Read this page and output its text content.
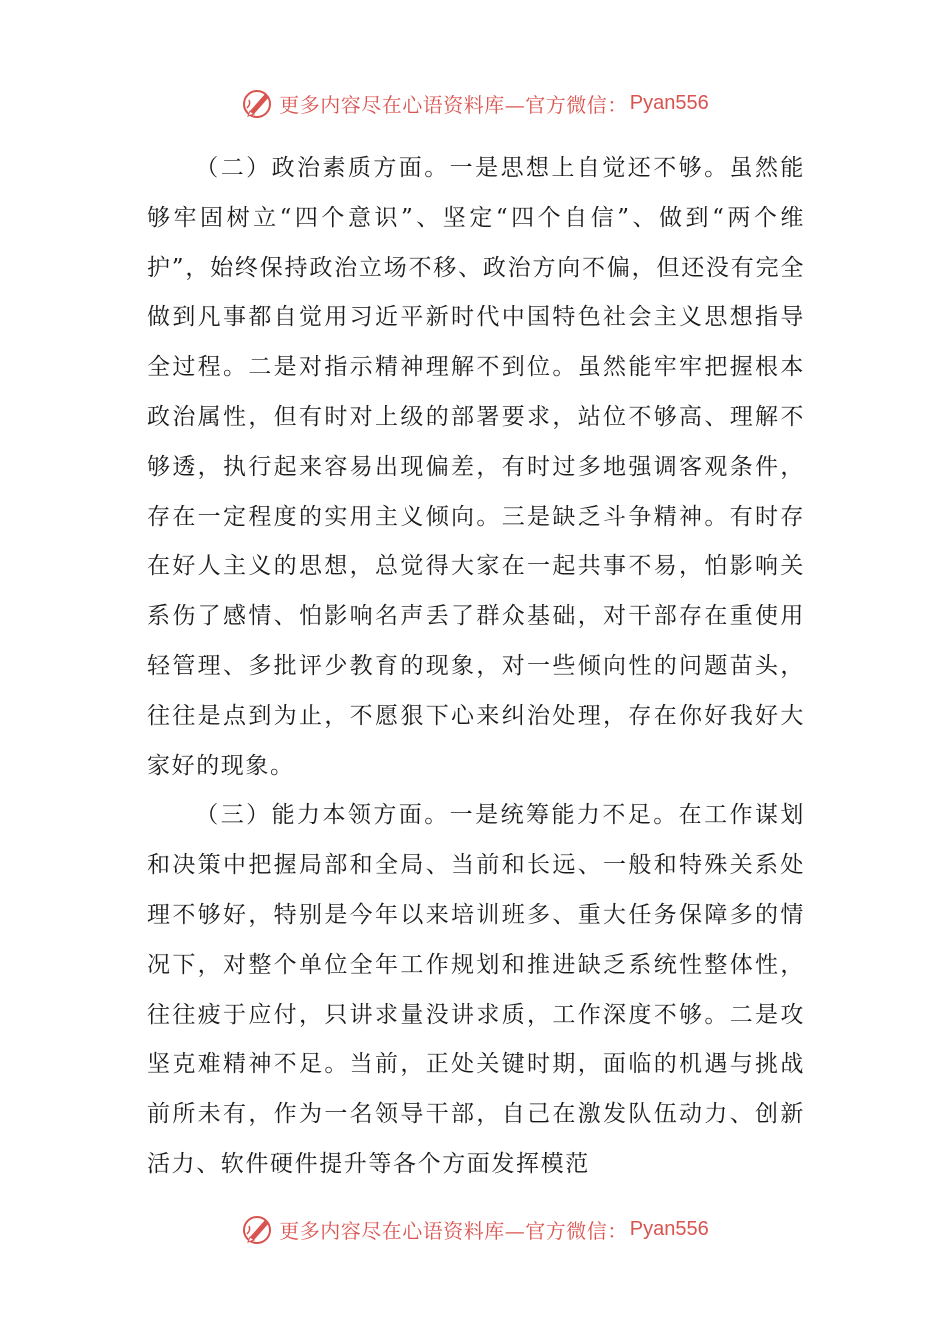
更多内容尽在心语资料库—官方微信： Pyan556

（二）政治素质方面。一是思想上自觉还不够。虽然能够牢固树立“四个意识”、坚定“四个自信”、做到“两个维护”，始终保持政治立场不移、政治方向不偏，但还没有完全做到凡事都自觉用习近平新时代中国特色社会主义思想指导全过程。二是对指示精神理解不到位。虽然能牢牢把握根本政治属性，但有时对上级的部署要求，站位不够高、理解不够透，执行起来容易出现偏差，有时过多地强调客观条件，存在一定程度的实用主义倾向。三是缺乏斗争精神。有时存在好人主义的思想，总觉得大家在一起共事不易，怕影响关系伤了感情、怕影响名声丢了群众基础，对干部存在重使用轻管理、多批评少教育的现象，对一些倾向性的问题苗头，往往是点到为止，不愿狠下心来纠治处理，存在你好我好大家好的现象。

（三）能力本领方面。一是统筹能力不足。在工作谋划和决策中把握局部和全局、当前和长远、一般和特殊关系处理不够好，特别是今年以来培训班多、重大任务保障多的情况下，对整个单位全年工作规划和推进缺乏系统性整体性，往往疲于应付，只讲求量没讲求质，工作深度不够。二是攻坚克难精神不足。当前，正处关键时期，面临的机遇与挑战前所未有，作为一名领导干部，自己在激发队伍动力、创新活力、软件硬件提升等各个方面发挥模范

更多内容尽在心语资料库—官方微信： Pyan556
